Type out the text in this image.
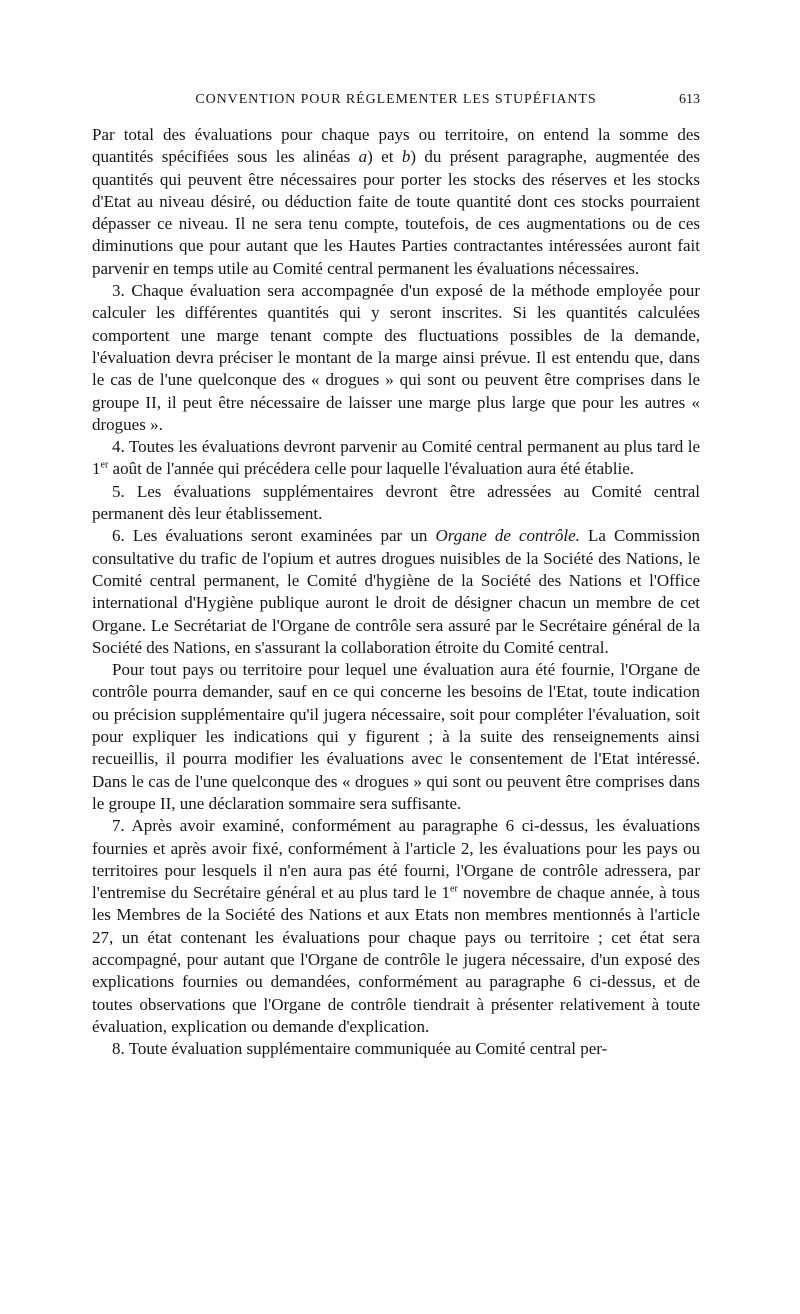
CONVENTION POUR RÉGLEMENTER LES STUPÉFIANTS	613

Par total des évaluations pour chaque pays ou territoire, on entend la somme des quantités spécifiées sous les alinéas a) et b) du présent paragraphe, augmentée des quantités qui peuvent être nécessaires pour porter les stocks des réserves et les stocks d'Etat au niveau désiré, ou déduction faite de toute quantité dont ces stocks pourraient dépasser ce niveau. Il ne sera tenu compte, toutefois, de ces augmentations ou de ces diminutions que pour autant que les Hautes Parties contractantes intéressées auront fait parvenir en temps utile au Comité central permanent les évaluations nécessaires.

3. Chaque évaluation sera accompagnée d'un exposé de la méthode employée pour calculer les différentes quantités qui y seront inscrites. Si les quantités calculées comportent une marge tenant compte des fluctuations possibles de la demande, l'évaluation devra préciser le montant de la marge ainsi prévue. Il est entendu que, dans le cas de l'une quelconque des « drogues » qui sont ou peuvent être comprises dans le groupe II, il peut être nécessaire de laisser une marge plus large que pour les autres « drogues ».

4. Toutes les évaluations devront parvenir au Comité central permanent au plus tard le 1er août de l'année qui précédera celle pour laquelle l'évaluation aura été établie.

5. Les évaluations supplémentaires devront être adressées au Comité central permanent dès leur établissement.

6. Les évaluations seront examinées par un Organe de contrôle. La Commission consultative du trafic de l'opium et autres drogues nuisibles de la Société des Nations, le Comité central permanent, le Comité d'hygiène de la Société des Nations et l'Office international d'Hygiène publique auront le droit de désigner chacun un membre de cet Organe. Le Secrétariat de l'Organe de contrôle sera assuré par le Secrétaire général de la Société des Nations, en s'assurant la collaboration étroite du Comité central.

Pour tout pays ou territoire pour lequel une évaluation aura été fournie, l'Organe de contrôle pourra demander, sauf en ce qui concerne les besoins de l'Etat, toute indication ou précision supplémentaire qu'il jugera nécessaire, soit pour compléter l'évaluation, soit pour expliquer les indications qui y figurent ; à la suite des renseignements ainsi recueillis, il pourra modifier les évaluations avec le consentement de l'Etat intéressé. Dans le cas de l'une quelconque des « drogues » qui sont ou peuvent être comprises dans le groupe II, une déclaration sommaire sera suffisante.

7. Après avoir examiné, conformément au paragraphe 6 ci-dessus, les évaluations fournies et après avoir fixé, conformément à l'article 2, les évaluations pour les pays ou territoires pour lesquels il n'en aura pas été fourni, l'Organe de contrôle adressera, par l'entremise du Secrétaire général et au plus tard le 1er novembre de chaque année, à tous les Membres de la Société des Nations et aux Etats non membres mentionnés à l'article 27, un état contenant les évaluations pour chaque pays ou territoire ; cet état sera accompagné, pour autant que l'Organe de contrôle le jugera nécessaire, d'un exposé des explications fournies ou demandées, conformément au paragraphe 6 ci-dessus, et de toutes observations que l'Organe de contrôle tiendrait à présenter relativement à toute évaluation, explication ou demande d'explication.

8. Toute évaluation supplémentaire communiquée au Comité central per-
